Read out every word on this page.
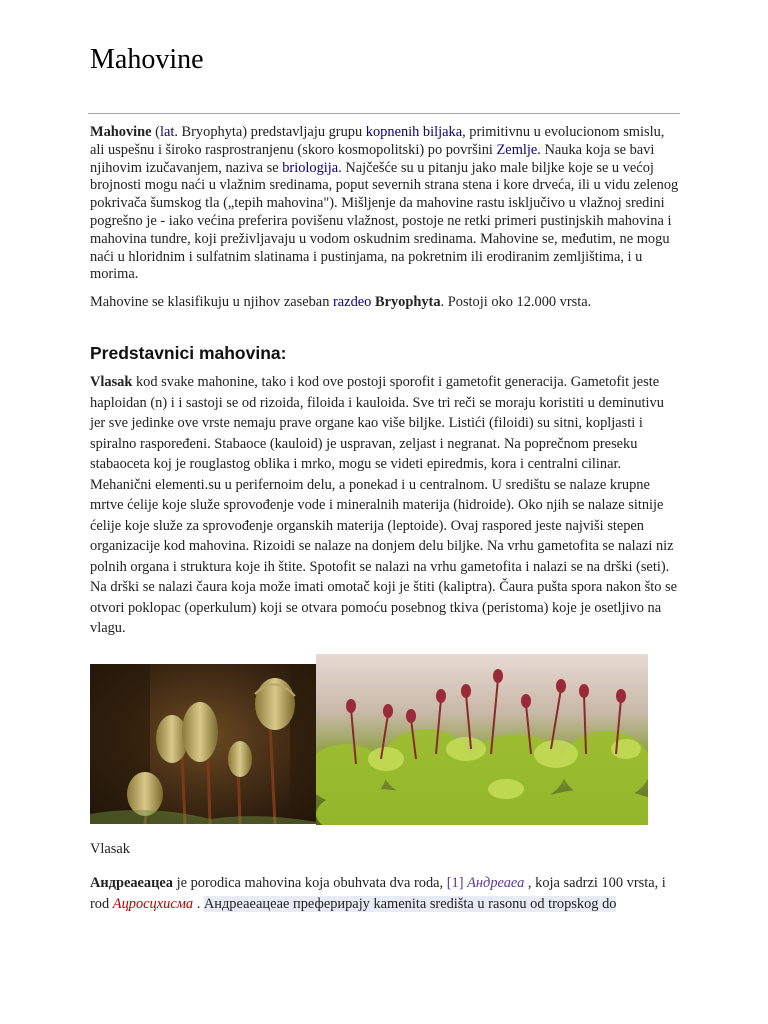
Mahovine

Mahovine (lat. Bryophyta) predstavljaju grupu kopnenih biljaka, primitivnu u evolucionom smislu, ali uspešnu i široko rasprostranjenu (skoro kosmopolitski) po površini Zemlje. Nauka koja se bavi njihovim izučavanjem, naziva se briologija. Najčešće su u pitanju jako male biljke koje se u većoj brojnosti mogu naći u vlažnim sredinama, poput severnih strana stena i kore drveća, ili u vidu zelenog pokrivača šumskog tla („tepih mahovina"). Mišljenje da mahovine rastu isključivo u vlažnoj sredini pogrešno je - iako većina preferira povišenu vlažnost, postoje ne retki primeri pustinjskih mahovina i mahovina tundre, koji preživljavaju u vodom oskudnim sredinama. Mahovine se, međutim, ne mogu naći u hloridnim i sulfatnim slatinama i pustinjama, na pokretnim ili erodiranim zemljištima, i u morima.

Mahovine se klasifikuju u njihov zaseban razdeo Bryophyta. Postoji oko 12.000 vrsta.

Predstavnici mahovina:

Vlasak kod svake mahonine, tako i kod ove postoji sporofit i gametofit generacija. Gametofit jeste haploidan (n) i i sastoji se od rizoida, filoida i kauloida. Sve tri reči se moraju koristiti u deminutivu jer sve jedinke ove vrste nemaju prave organe kao više biljke. Listići (filoidi) su sitni, kopljasti i spiralno raspoređeni. Stabaoce (kauloid) je uspravan, zeljast i negranat. Na poprečnom preseku stabaoceta koj je rouglastog oblika i mrko, mogu se videti epiredmis, kora i centralni cilinar. Mehanični elementi.su u perifernoim delu, a ponekad i u centralnom. U središtu se nalaze krupne mrtve ćelije koje služe sprovođenje vode i mineralnih materija (hidroide). Oko njih se nalaze sitnije ćelije koje služe za sprovođenje organskih materija (leptoide). Ovaj raspored jeste najviši stepen organizacije kod mahovina. Rizoidi se nalaze na donjem delu biljke. Na vrhu gametofita se nalazi niz polnih organa i struktura koje ih štite. Spotofit se nalazi na vrhu gametofita i nalazi se na drški (seti). Na drški se nalazi čaura koja može imati omotač koji je štiti (kaliptra). Čaura pušta spora nakon što se otvori poklopac (operkulum) koji se otvara pomoću posebnog tkiva (peristoma) koje je osetljivo na vlagu.

Vlasak

Андреаеацеа je porodica mahovina koja obuhvata dva roda, [1] Андреаеа , koja sadrzi 100 vrsta, i rod Ацросцхисма . Андреаеацеае преферирају kamenita središta u rasonu od tropskog do
